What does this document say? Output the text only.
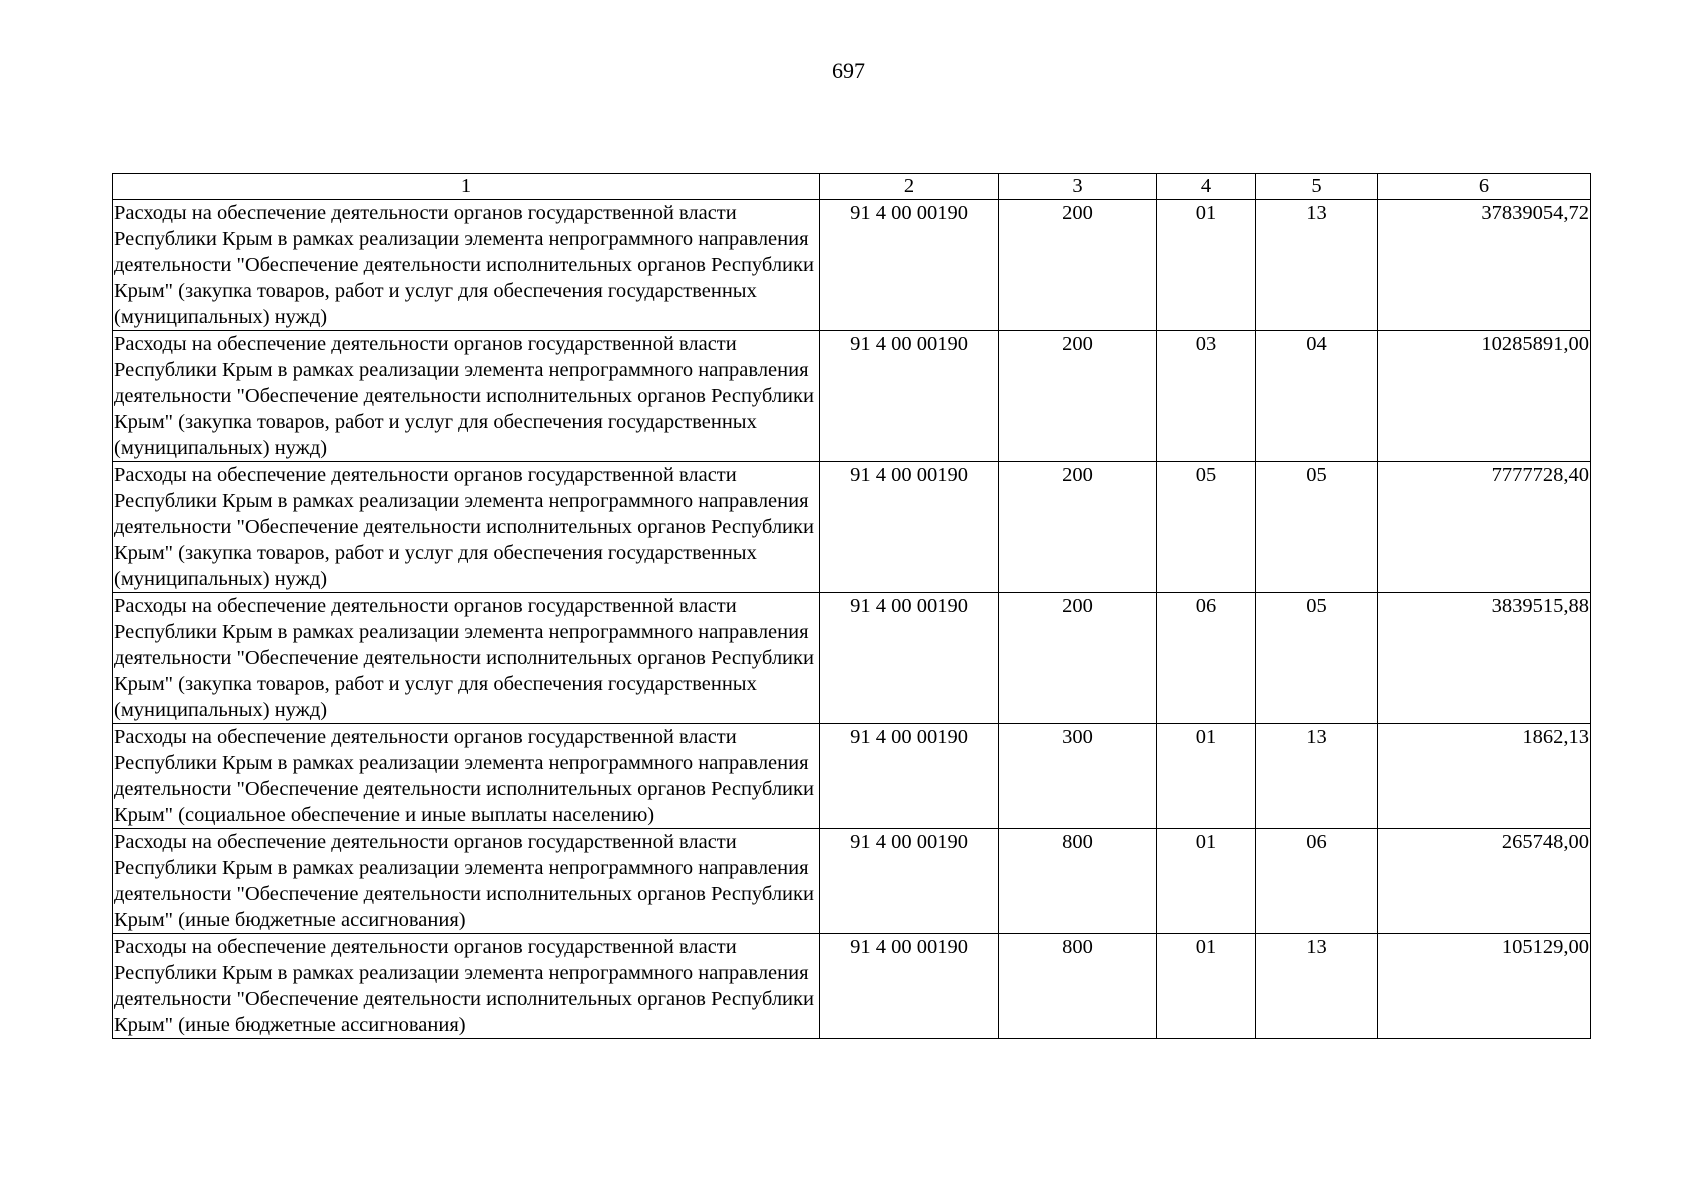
697
1	2	3	4	5	6
Расходы на обеспечение деятельности органов государственной власти Республики Крым в рамках реализации элемента непрограммного направления деятельности "Обеспечение деятельности исполнительных органов Республики Крым" (закупка товаров, работ и услуг для обеспечения государственных (муниципальных) нужд)	91 4 00 00190	200	01	13	37839054,72
Расходы на обеспечение деятельности органов государственной власти Республики Крым в рамках реализации элемента непрограммного направления деятельности "Обеспечение деятельности исполнительных органов Республики Крым" (закупка товаров, работ и услуг для обеспечения государственных (муниципальных) нужд)	91 4 00 00190	200	03	04	10285891,00
Расходы на обеспечение деятельности органов государственной власти Республики Крым в рамках реализации элемента непрограммного направления деятельности "Обеспечение деятельности исполнительных органов Республики Крым" (закупка товаров, работ и услуг для обеспечения государственных (муниципальных) нужд)	91 4 00 00190	200	05	05	7777728,40
Расходы на обеспечение деятельности органов государственной власти Республики Крым в рамках реализации элемента непрограммного направления деятельности "Обеспечение деятельности исполнительных органов Республики Крым" (закупка товаров, работ и услуг для обеспечения государственных (муниципальных) нужд)	91 4 00 00190	200	06	05	3839515,88
Расходы на обеспечение деятельности органов государственной власти Республики Крым в рамках реализации элемента непрограммного направления деятельности "Обеспечение деятельности исполнительных органов Республики Крым" (социальное обеспечение и иные выплаты населению)	91 4 00 00190	300	01	13	1862,13
Расходы на обеспечение деятельности органов государственной власти Республики Крым в рамках реализации элемента непрограммного направления деятельности "Обеспечение деятельности исполнительных органов Республики Крым" (иные бюджетные ассигнования)	91 4 00 00190	800	01	06	265748,00
Расходы на обеспечение деятельности органов государственной власти Республики Крым в рамках реализации элемента непрограммного направления деятельности "Обеспечение деятельности исполнительных органов Республики Крым" (иные бюджетные ассигнования)	91 4 00 00190	800	01	13	105129,00
